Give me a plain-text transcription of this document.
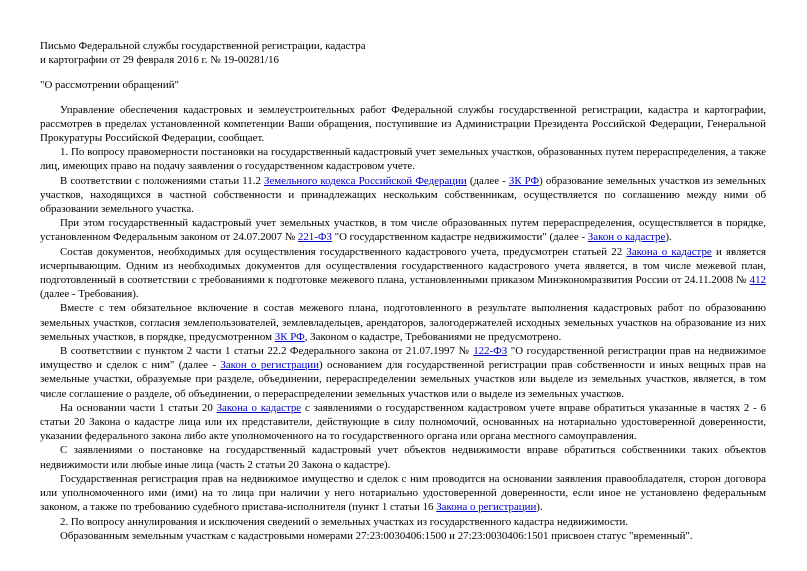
Письмо Федеральной службы государственной регистрации, кадастра
и картографии от 29 февраля 2016 г. № 19-00281/16
"О рассмотрении обращений"

Управление обеспечения кадастровых и землеустроительных работ Федеральной службы государственной регистрации, кадастра и картографии, рассмотрев в пределах установленной компетенции Ваши обращения, поступившие из Администрации Президента Российской Федерации, Генеральной Прокуратуры Российской Федерации, сообщает.

1. По вопросу правомерности постановки на государственный кадастровый учет земельных участков, образованных путем перераспределения, а также лиц, имеющих право на подачу заявления о государственном кадастровом учете.

В соответствии с положениями статьи 11.2 Земельного кодекса Российской Федерации (далее - ЗК РФ) образование земельных участков из земельных участков, находящихся в частной собственности и принадлежащих нескольким собственникам, осуществляется по соглашению между ними об образовании земельного участка.

При этом государственный кадастровый учет земельных участков, в том числе образованных путем перераспределения, осуществляется в порядке, установленном Федеральным законом от 24.07.2007 № 221-ФЗ "О государственном кадастре недвижимости" (далее - Закон о кадастре).

Состав документов, необходимых для осуществления государственного кадастрового учета, предусмотрен статьей 22 Закона о кадастре и является исчерпывающим. Одним из необходимых документов для осуществления государственного кадастрового учета является, в том числе межевой план, подготовленный в соответствии с требованиями к подготовке межевого плана, установленными приказом Минэкономразвития России от 24.11.2008 № 412 (далее - Требования).

Вместе с тем обязательное включение в состав межевого плана, подготовленного в результате выполнения кадастровых работ по образованию земельных участков, согласия землепользователей, землевладельцев, арендаторов, залогодержателей исходных земельных участков на образование из них земельных участков, в порядке, предусмотренном ЗК РФ, Законом о кадастре, Требованиями не предусмотрено.

В соответствии с пунктом 2 части 1 статьи 22.2 Федерального закона от 21.07.1997 № 122-ФЗ "О государственной регистрации прав на недвижимое имущество и сделок с ним" (далее - Закон о регистрации) основанием для государственной регистрации прав собственности и иных вещных прав на земельные участки, образуемые при разделе, объединении, перераспределении земельных участков или выделе из земельных участков, является, в том числе соглашение о разделе, об объединении, о перераспределении земельных участков или о выделе из земельных участков.

На основании части 1 статьи 20 Закона о кадастре с заявлениями о государственном кадастровом учете вправе обратиться указанные в частях 2 - 6 статьи 20 Закона о кадастре лица или их представители, действующие в силу полномочий, основанных на нотариально удостоверенной доверенности, указании федерального закона либо акте уполномоченного на то государственного органа или органа местного самоуправления.

С заявлениями о постановке на государственный кадастровый учет объектов недвижимости вправе обратиться собственники таких объектов недвижимости или любые иные лица (часть 2 статьи 20 Закона о кадастре).

Государственная регистрация прав на недвижимое имущество и сделок с ним проводится на основании заявления правообладателя, сторон договора или уполномоченного ими (ими) на то лица при наличии у него нотариально удостоверенной доверенности, если иное не установлено федеральным законом, а также по требованию судебного пристава-исполнителя (пункт 1 статьи 16 Закона о регистрации).

2. По вопросу аннулирования и исключения сведений о земельных участках из государственного кадастра недвижимости.

Образованным земельным участкам с кадастровыми номерами 27:23:0030406:1500 и 27:23:0030406:1501 присвоен статус "временный".
